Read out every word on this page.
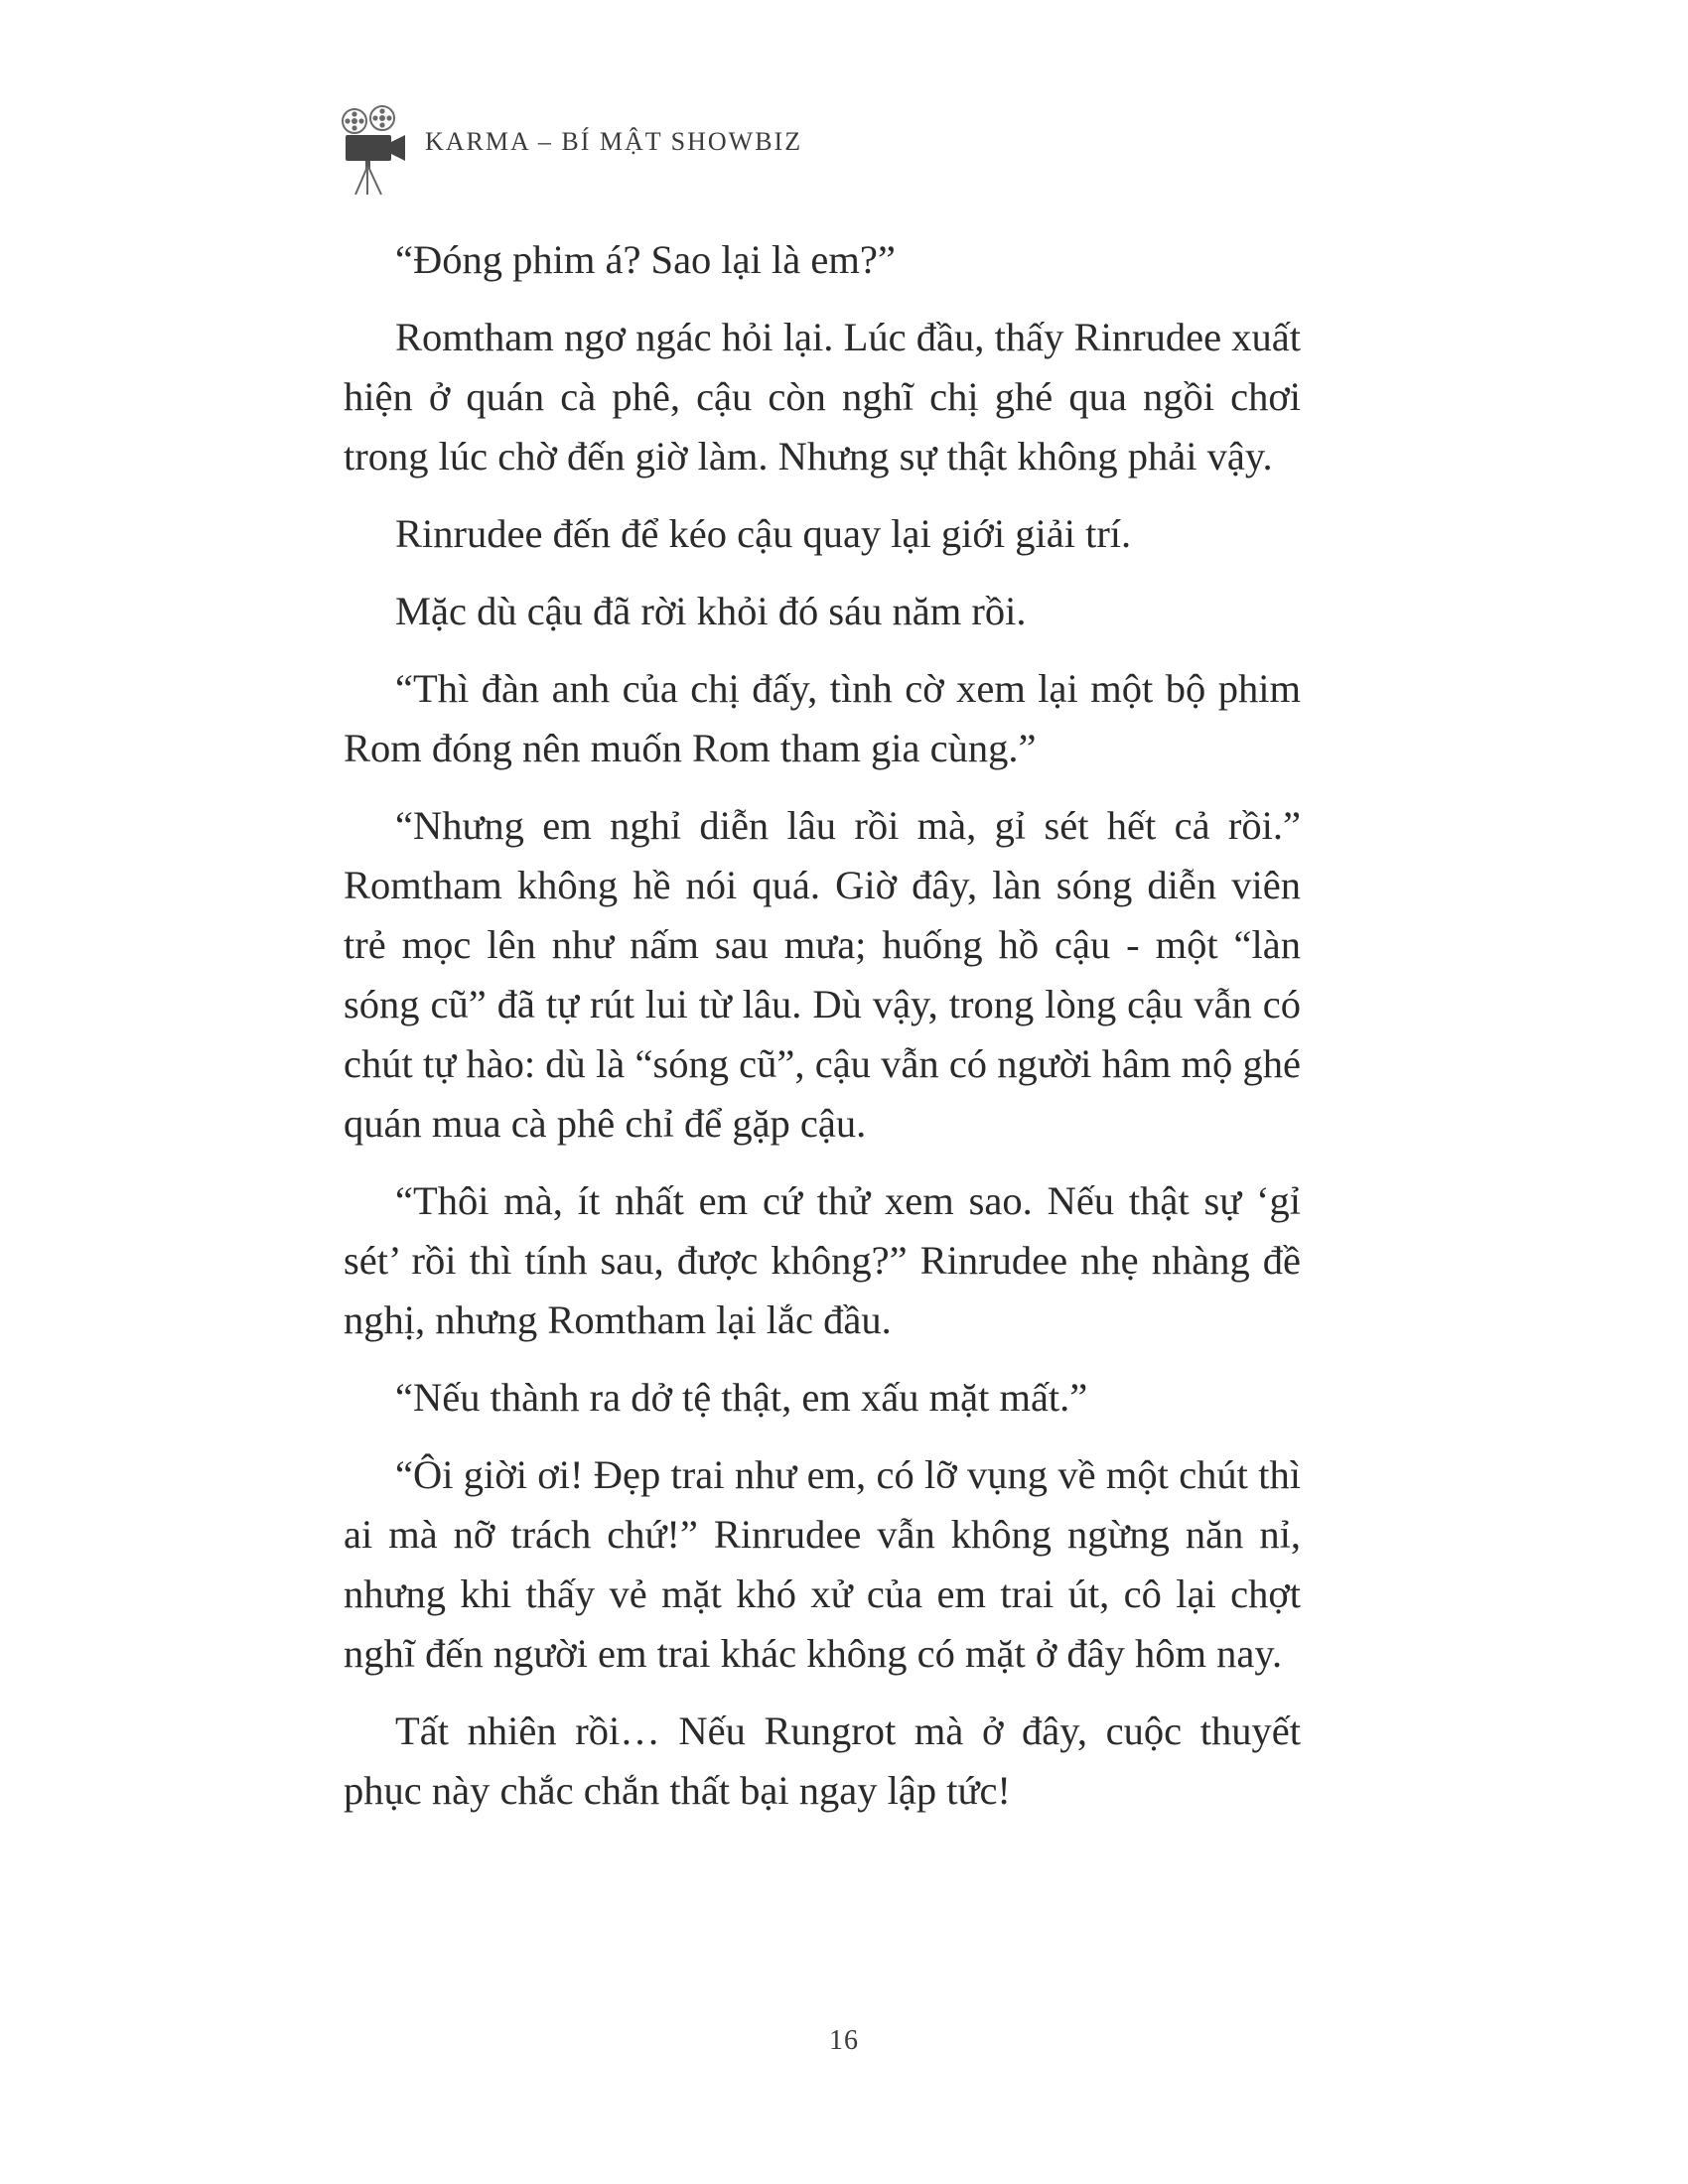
KARMA – BÍ MẬT SHOWBIZ

“Đóng phim á? Sao lại là em?”

Romtham ngơ ngác hỏi lại. Lúc đầu, thấy Rinrudee xuất hiện ở quán cà phê, cậu còn nghĩ chị ghé qua ngồi chơi trong lúc chờ đến giờ làm. Nhưng sự thật không phải vậy.

Rinrudee đến để kéo cậu quay lại giới giải trí.

Mặc dù cậu đã rời khỏi đó sáu năm rồi.

“Thì đàn anh của chị đấy, tình cờ xem lại một bộ phim Rom đóng nên muốn Rom tham gia cùng.”

“Nhưng em nghỉ diễn lâu rồi mà, gỉ sét hết cả rồi.” Romtham không hề nói quá. Giờ đây, làn sóng diễn viên trẻ mọc lên như nấm sau mưa; huống hồ cậu - một “làn sóng cũ” đã tự rút lui từ lâu. Dù vậy, trong lòng cậu vẫn có chút tự hào: dù là “sóng cũ”, cậu vẫn có người hâm mộ ghé quán mua cà phê chỉ để gặp cậu.

“Thôi mà, ít nhất em cứ thử xem sao. Nếu thật sự ‘gỉ sét’ rồi thì tính sau, được không?” Rinrudee nhẹ nhàng đề nghị, nhưng Romtham lại lắc đầu.

“Nếu thành ra dở tệ thật, em xấu mặt mất.”

“Ôi giời ơi! Đẹp trai như em, có lỡ vụng về một chút thì ai mà nỡ trách chứ!” Rinrudee vẫn không ngừng năn nỉ, nhưng khi thấy vẻ mặt khó xử của em trai út, cô lại chợt nghĩ đến người em trai khác không có mặt ở đây hôm nay.

Tất nhiên rồi… Nếu Rungrot mà ở đây, cuộc thuyết phục này chắc chắn thất bại ngay lập tức!

16
